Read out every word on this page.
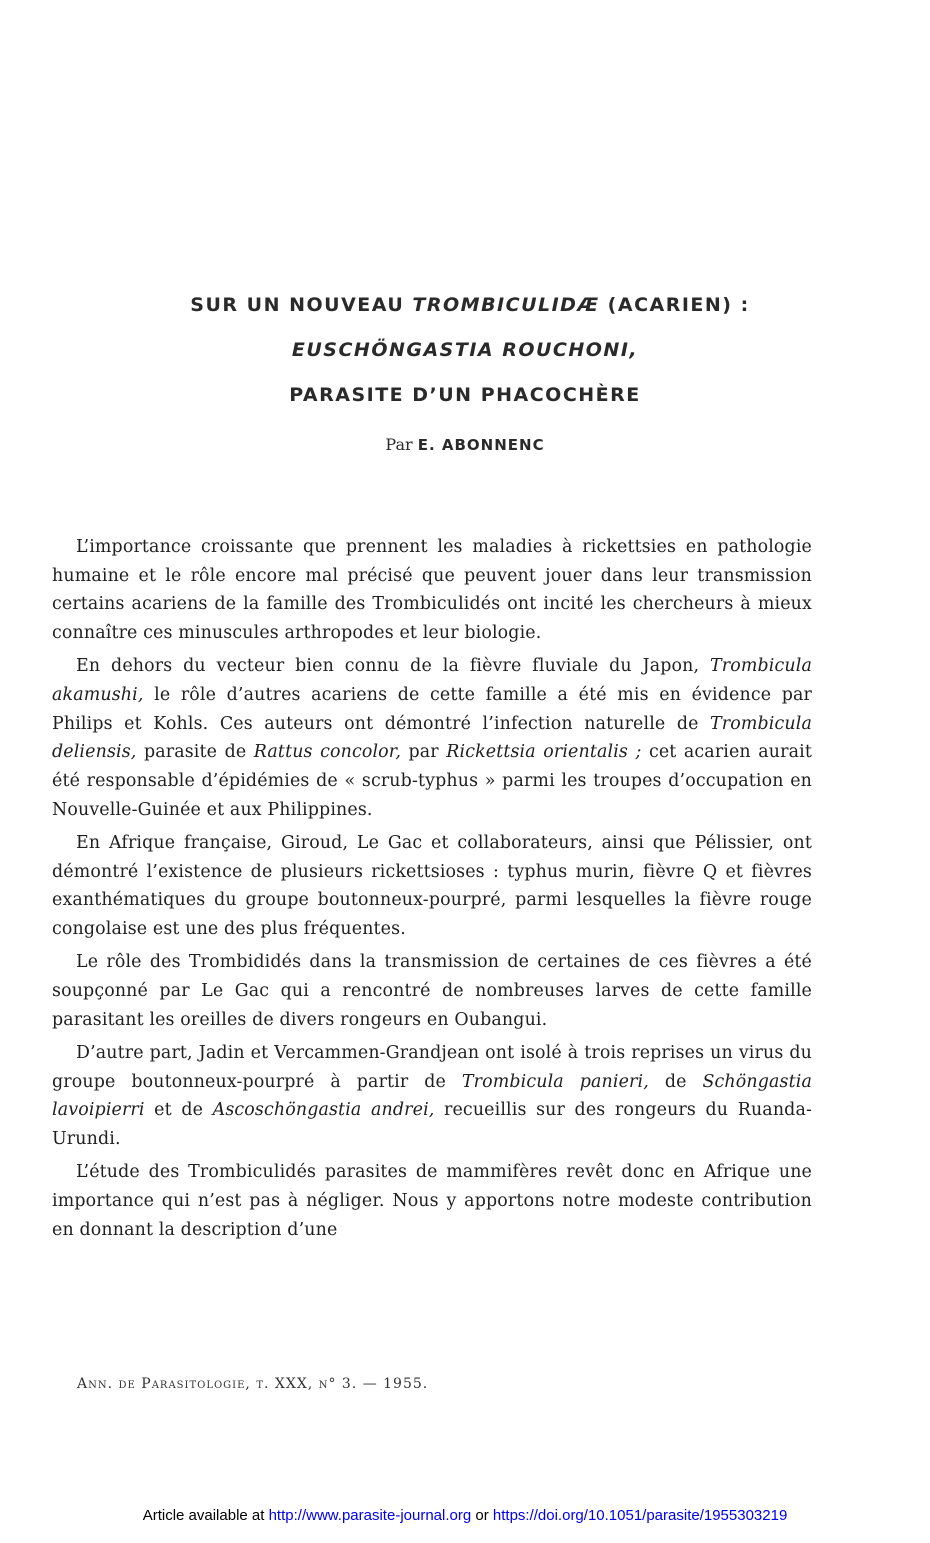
SUR UN NOUVEAU TROMBICULIDÆ (ACARIEN) :
EUSCHÖNGASTIA ROUCHONI,
PARASITE D’UN PHACOCHÈRE
Par E. ABONNENC

L’importance croissante que prennent les maladies à rickettsies en pathologie humaine et le rôle encore mal précisé que peuvent jouer dans leur transmission certains acariens de la famille des Trombiculidés ont incité les chercheurs à mieux connaître ces minuscules arthropodes et leur biologie.

En dehors du vecteur bien connu de la fièvre fluviale du Japon, Trombicula akamushi, le rôle d’autres acariens de cette famille a été mis en évidence par Philips et Kohls. Ces auteurs ont démontré l’infection naturelle de Trombicula deliensis, parasite de Rattus concolor, par Rickettsia orientalis ; cet acarien aurait été responsable d’épidémies de « scrub-typhus » parmi les troupes d’occupation en Nouvelle-Guinée et aux Philippines.

En Afrique française, Giroud, Le Gac et collaborateurs, ainsi que Pélissier, ont démontré l’existence de plusieurs rickettsioses : typhus murin, fièvre Q et fièvres exanthématiques du groupe boutonneux-pourpré, parmi lesquelles la fièvre rouge congolaise est une des plus fréquentes.

Le rôle des Trombididés dans la transmission de certaines de ces fièvres a été soupçonné par Le Gac qui a rencontré de nombreuses larves de cette famille parasitant les oreilles de divers rongeurs en Oubangui.

D’autre part, Jadin et Vercammen-Grandjean ont isolé à trois reprises un virus du groupe boutonneux-pourpré à partir de Trombicula panieri, de Schöngastia lavoipierri et de Ascoschöngastia andrei, recueillis sur des rongeurs du Ruanda-Urundi.

L’étude des Trombiculidés parasites de mammifères revêt donc en Afrique une importance qui n’est pas à négliger. Nous y apportons notre modeste contribution en donnant la description d’une

Ann. de Parasitologie, t. XXX, n° 3. — 1955.
Article available at http://www.parasite-journal.org or https://doi.org/10.1051/parasite/1955303219
